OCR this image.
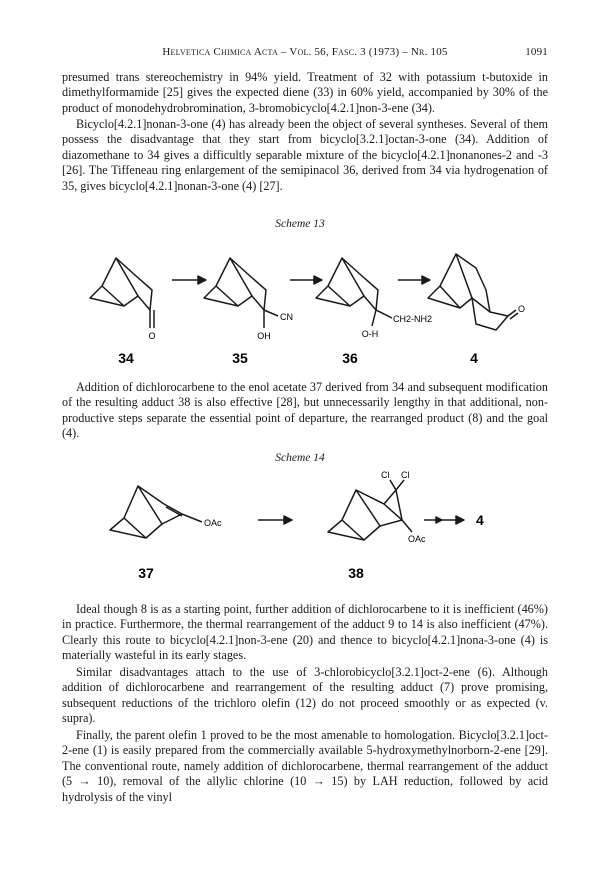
Helvetica Chimica Acta – Vol. 56, Fasc. 3 (1973) – Nr. 105	1091

presumed trans stereochemistry in 94% yield. Treatment of 32 with potassium t-butoxide in dimethylformamide [25] gives the expected diene (33) in 60% yield, accompanied by 30% of the product of monodehydrobromination, 3-bromobicyclo[4.2.1]non-3-ene (34).

Bicyclo[4.2.1]nonan-3-one (4) has already been the object of several syntheses. Several of them possess the disadvantage that they start from bicyclo[3.2.1]octan-3-one (34). Addition of diazomethane to 34 gives a difficultly separable mixture of the bicyclo[4.2.1]nonanones-2 and -3 [26]. The Tiffeneau ring enlargement of the semipinacol 36, derived from 34 via hydrogenation of 35, gives bicyclo[4.2.1]nonan-3-one (4) [27].

Scheme 13
O	OH
CN
O-H
CH2-NH2
O
34	35	36	4

Addition of dichlorocarbene to the enol acetate 37 derived from 34 and subsequent modification of the resulting adduct 38 is also effective [28], but unnecessarily lengthy in that additional, non-productive steps separate the essential point of departure, the rearranged product (8) and the goal (4).

Scheme 14
OAc
OAc
Cl Cl
4
37	38

Ideal though 8 is as a starting point, further addition of dichlorocarbene to it is inefficient (46%) in practice. Furthermore, the thermal rearrangement of the adduct 9 to 14 is also inefficient (47%). Clearly this route to bicyclo[4.2.1]non-3-ene (20) and thence to bicyclo[4.2.1]nona-3-one (4) is materially wasteful in its early stages.

Similar disadvantages attach to the use of 3-chlorobicyclo[3.2.1]oct-2-ene (6). Although addition of dichlorocarbene and rearrangement of the resulting adduct (7) prove promising, subsequent reductions of the trichloro olefin (12) do not proceed smoothly or as expected (v. supra).

Finally, the parent olefin 1 proved to be the most amenable to homologation. Bicyclo[3.2.1]oct-2-ene (1) is easily prepared from the commercially available 5-hydroxymethylnorborn-2-ene [29]. The conventional route, namely addition of dichlorocarbene, thermal rearrangement of the adduct (5 → 10), removal of the allylic chlorine (10 → 15) by LAH reduction, followed by acid hydrolysis of the vinyl
